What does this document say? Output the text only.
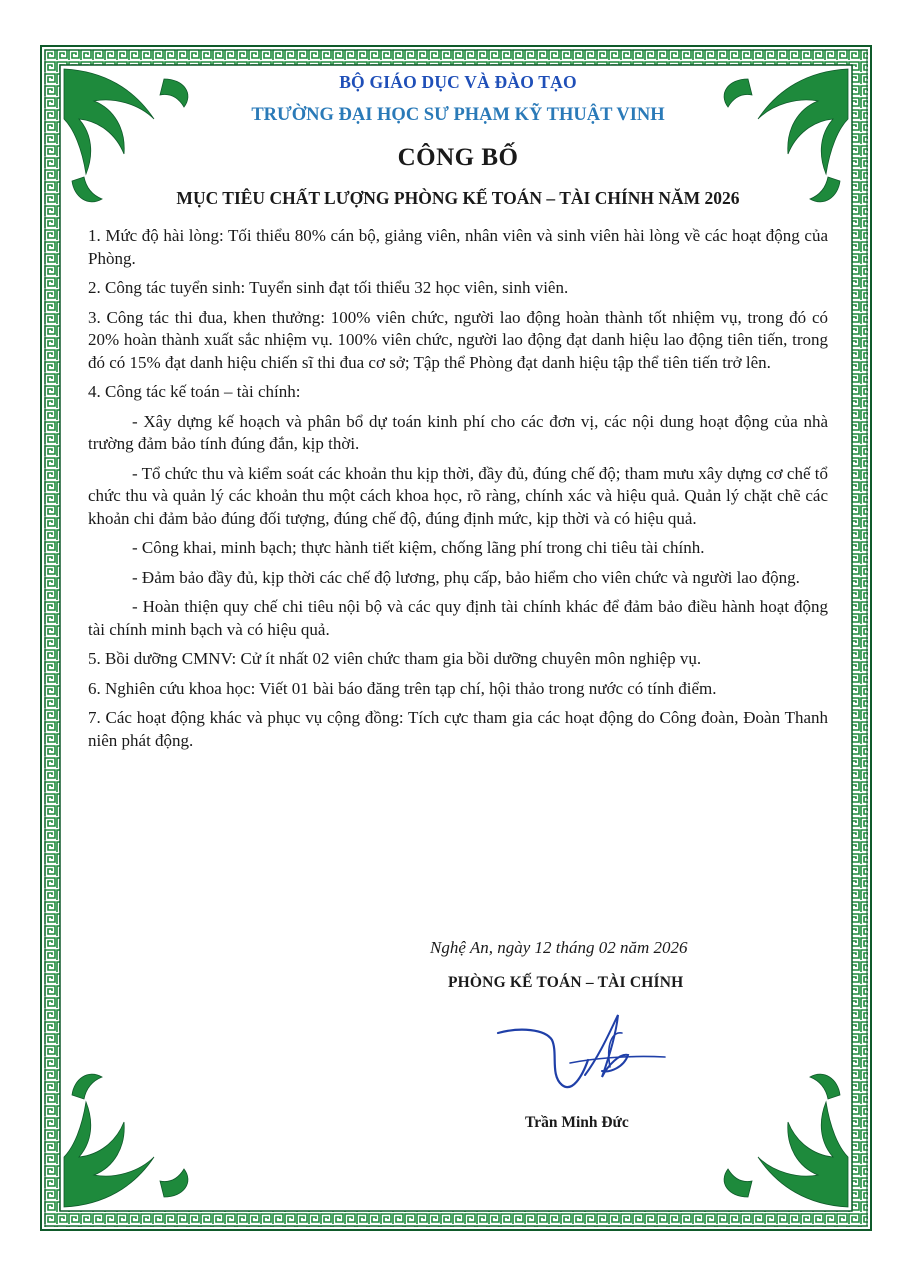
BỘ GIÁO DỤC VÀ ĐÀO TẠO
TRƯỜNG ĐẠI HỌC SƯ PHẠM KỸ THUẬT VINH
CÔNG BỐ
MỤC TIÊU CHẤT LƯỢNG PHÒNG KẾ TOÁN – TÀI CHÍNH NĂM 2026

1. Mức độ hài lòng: Tối thiểu 80% cán bộ, giảng viên, nhân viên và sinh viên hài lòng về các hoạt động của Phòng.

2. Công tác tuyển sinh: Tuyển sinh đạt tối thiểu 32 học viên, sinh viên.

3. Công tác thi đua, khen thưởng: 100% viên chức, người lao động hoàn thành tốt nhiệm vụ, trong đó có 20% hoàn thành xuất sắc nhiệm vụ. 100% viên chức, người lao động đạt danh hiệu lao động tiên tiến, trong đó có 15% đạt danh hiệu chiến sĩ thi đua cơ sở; Tập thể Phòng đạt danh hiệu tập thể tiên tiến trở lên.

4. Công tác kế toán – tài chính:

- Xây dựng kế hoạch và phân bổ dự toán kinh phí cho các đơn vị, các nội dung hoạt động của nhà trường đảm bảo tính đúng đắn, kịp thời.

- Tổ chức thu và kiểm soát các khoản thu kịp thời, đầy đủ, đúng chế độ; tham mưu xây dựng cơ chế tổ chức thu và quản lý các khoản thu một cách khoa học, rõ ràng, chính xác và hiệu quả. Quản lý chặt chẽ các khoản chi đảm bảo đúng đối tượng, đúng chế độ, đúng định mức, kịp thời và có hiệu quả.

- Công khai, minh bạch; thực hành tiết kiệm, chống lãng phí trong chi tiêu tài chính.

- Đảm bảo đầy đủ, kịp thời các chế độ lương, phụ cấp, bảo hiểm cho viên chức và người lao động.

- Hoàn thiện quy chế chi tiêu nội bộ và các quy định tài chính khác để đảm bảo điều hành hoạt động tài chính minh bạch và có hiệu quả.

5. Bồi dưỡng CMNV: Cử ít nhất 02 viên chức tham gia bồi dưỡng chuyên môn nghiệp vụ.

6. Nghiên cứu khoa học: Viết 01 bài báo đăng trên tạp chí, hội thảo trong nước có tính điểm.

7. Các hoạt động khác và phục vụ cộng đồng: Tích cực tham gia các hoạt động do Công đoàn, Đoàn Thanh niên phát động.

Nghệ An, ngày 12 tháng 02 năm 2026
PHÒNG KẾ TOÁN – TÀI CHÍNH
Trần Minh Đức
